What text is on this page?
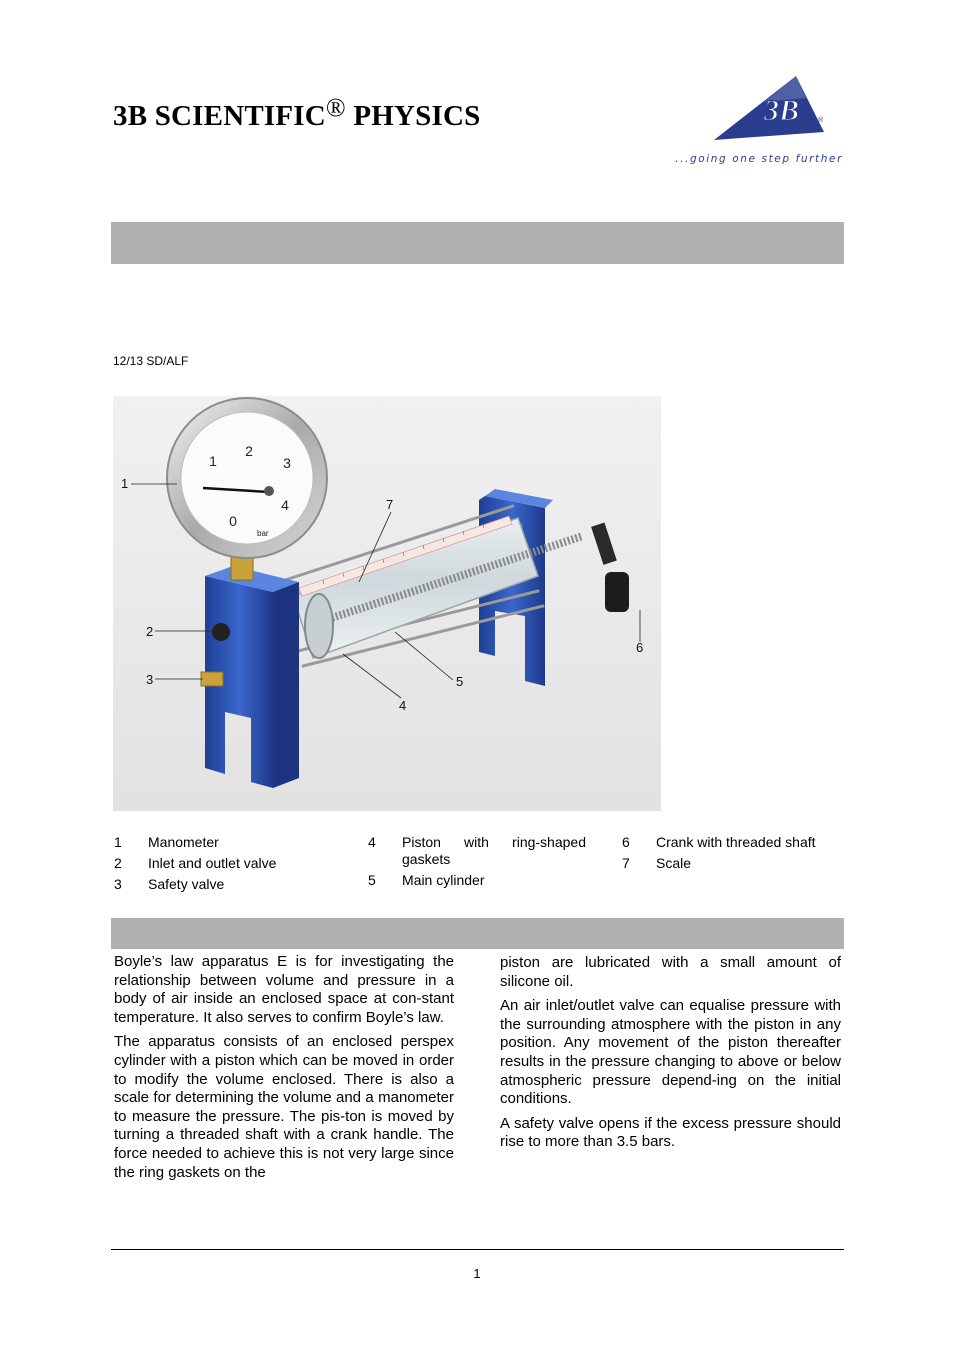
3B SCIENTIFIC® PHYSICS	3B	®
...going one step further
12/13 SD/ALF
0
1
2
3
4
bar
1
2
3
4
5
6
7
1	Manometer
2	Inlet and outlet valve
3	Safety valve
4	Piston with ring-shaped gaskets
5	Main cylinder
6	Crank with threaded shaft
7	Scale

Boyle’s law apparatus E is for investigating the relationship between volume and pressure in a body of air inside an enclosed space at con-stant temperature. It also serves to confirm Boyle’s law.

The apparatus consists of an enclosed perspex cylinder with a piston which can be moved in order to modify the volume enclosed. There is also a scale for determining the volume and a manometer to measure the pressure. The pis-ton is moved by turning a threaded shaft with a crank handle. The force needed to achieve this is not very large since the ring gaskets on the

piston are lubricated with a small amount of silicone oil.

An air inlet/outlet valve can equalise pressure with the surrounding atmosphere with the piston in any position. Any movement of the piston thereafter results in the pressure changing to above or below atmospheric pressure depend-ing on the initial conditions.

A safety valve opens if the excess pressure should rise to more than 3.5 bars.

1
